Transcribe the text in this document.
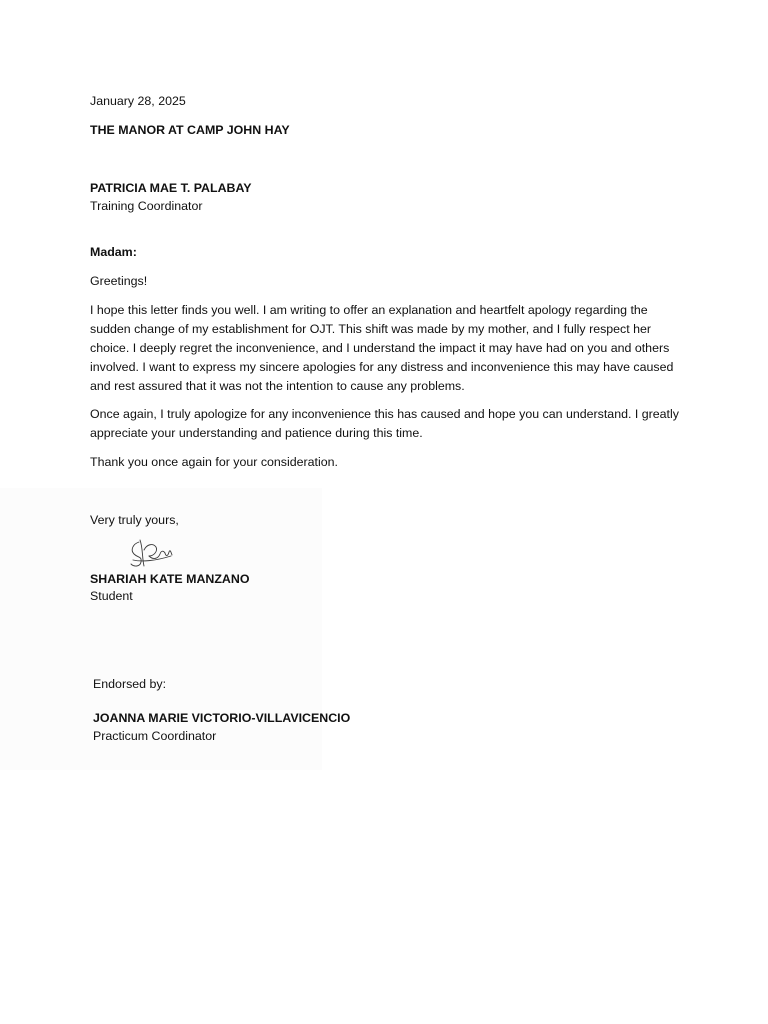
January 28, 2025
THE MANOR AT CAMP JOHN HAY
PATRICIA MAE T. PALABAY
Training Coordinator
Madam:
Greetings!
I hope this letter finds you well. I am writing to offer an explanation and heartfelt apology regarding the sudden change of my establishment for OJT. This shift was made by my mother, and I fully respect her choice. I deeply regret the inconvenience, and I understand the impact it may have had on you and others involved. I want to express my sincere apologies for any distress and inconvenience this may have caused and rest assured that it was not the intention to cause any problems.
Once again, I truly apologize for any inconvenience this has caused and hope you can understand. I greatly appreciate your understanding and patience during this time.
Thank you once again for your consideration.
Very truly yours,
SHARIAH KATE MANZANO
Student
Endorsed by:
JOANNA MARIE VICTORIO-VILLAVICENCIO
Practicum Coordinator
